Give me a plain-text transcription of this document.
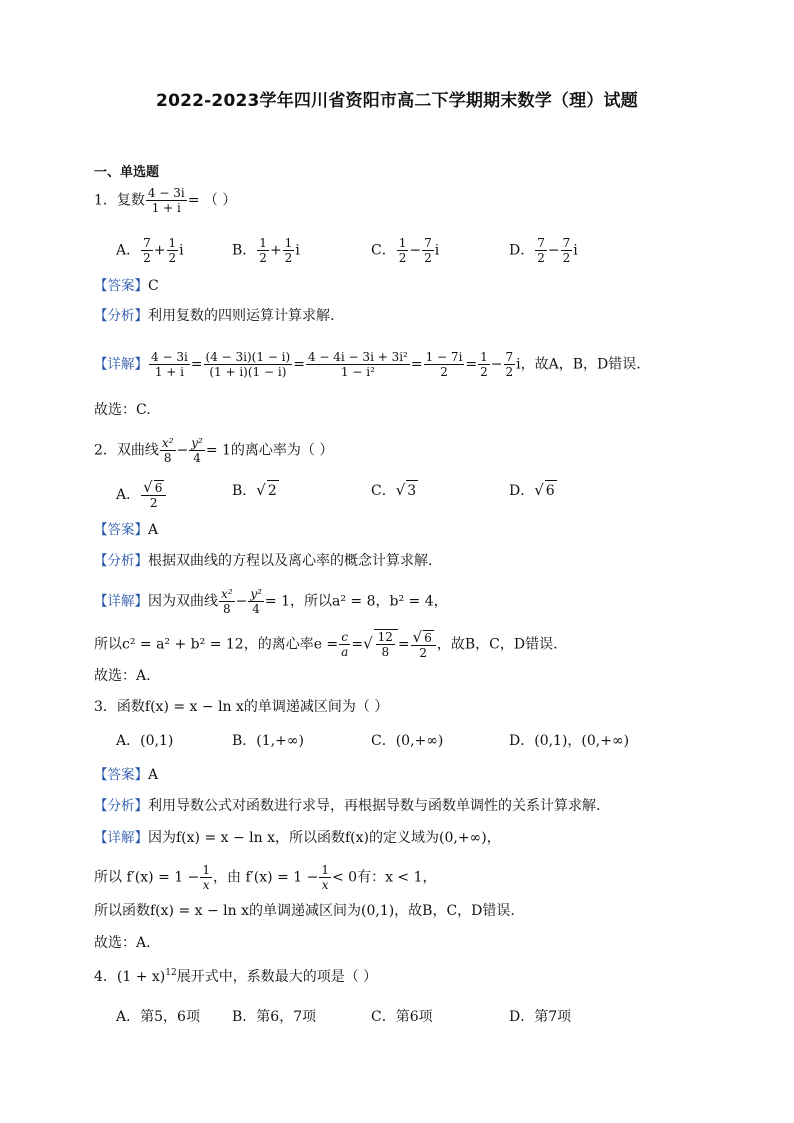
2022-2023学年四川省资阳市高二下学期期末数学（理）试题
一、单选题
1．复数 $\frac{4 - 3i}{1 + i}$ = （ ）
A． $\frac{7}{2} + \frac{1}{2}$ i	B． $\frac{1}{2} + \frac{1}{2}$ i	C． $\frac{1}{2} - \frac{7}{2}$ i	D． $\frac{7}{2} - \frac{7}{2}$ i
【答案】C
【分析】利用复数的四则运算计算求解.
【详解】 $\frac{4 - 3i}{1 + i} = \frac{(4 - 3i)(1 - i)}{(1 + i)(1 - i)} = \frac{\text{4 − 4i − 3i + 3i²}}{\text{1 − i²}} = \frac{1 - 7i}{2} = \frac{1}{2} - \frac{7}{2}$ i，故A，B，D错误.
故选：C.
2．双曲线 $\frac{\text{x²}}{8} - \frac{\text{y²}}{4} = 1$的离心率为（ ）
A． $\frac{√ 6}{2}$	B．√ 2	C．√ 3	D．√ 6
【答案】A
【分析】根据双曲线的方程以及离心率的概念计算求解.
【详解】因为双曲线 $\frac{\text{x²}}{8} - \frac{\text{y²}}{4} = 1$，所以a² = 8，b² = 4，
所以c² = a² + b² = 12，的离心率$e = \frac{c}{a}$ =√ $\frac{12}{8} = \frac{√ 6}{2}$ ，故B，C，D错误.
故选：A.
3．函数f(x) = x − ln x的单调递减区间为（ ）
A．(0,1)	B．(1,+∞)	C．(0,+∞)	D．(0,1)，(0,+∞)
【答案】A
【分析】利用导数公式对函数进行求导，再根据导数与函数单调性的关系计算求解.
【详解】因为f(x) = x − ln x，所以函数f(x)的定义域为(0,+∞)，
所以 $f'(x) = 1 - \frac{1}{x}$ ，由 $f'(x) = 1 - \frac{1}{x} < 0$有：x < 1，
所以函数f(x) = x − ln x的单调递减区间为(0,1)，故B，C，D错误.
故选：A.
4．$(1 + x)^{12}$展开式中，系数最大的项是（ ）
A．第5，6项 B．第6，7项	C．第6项	D．第7项
